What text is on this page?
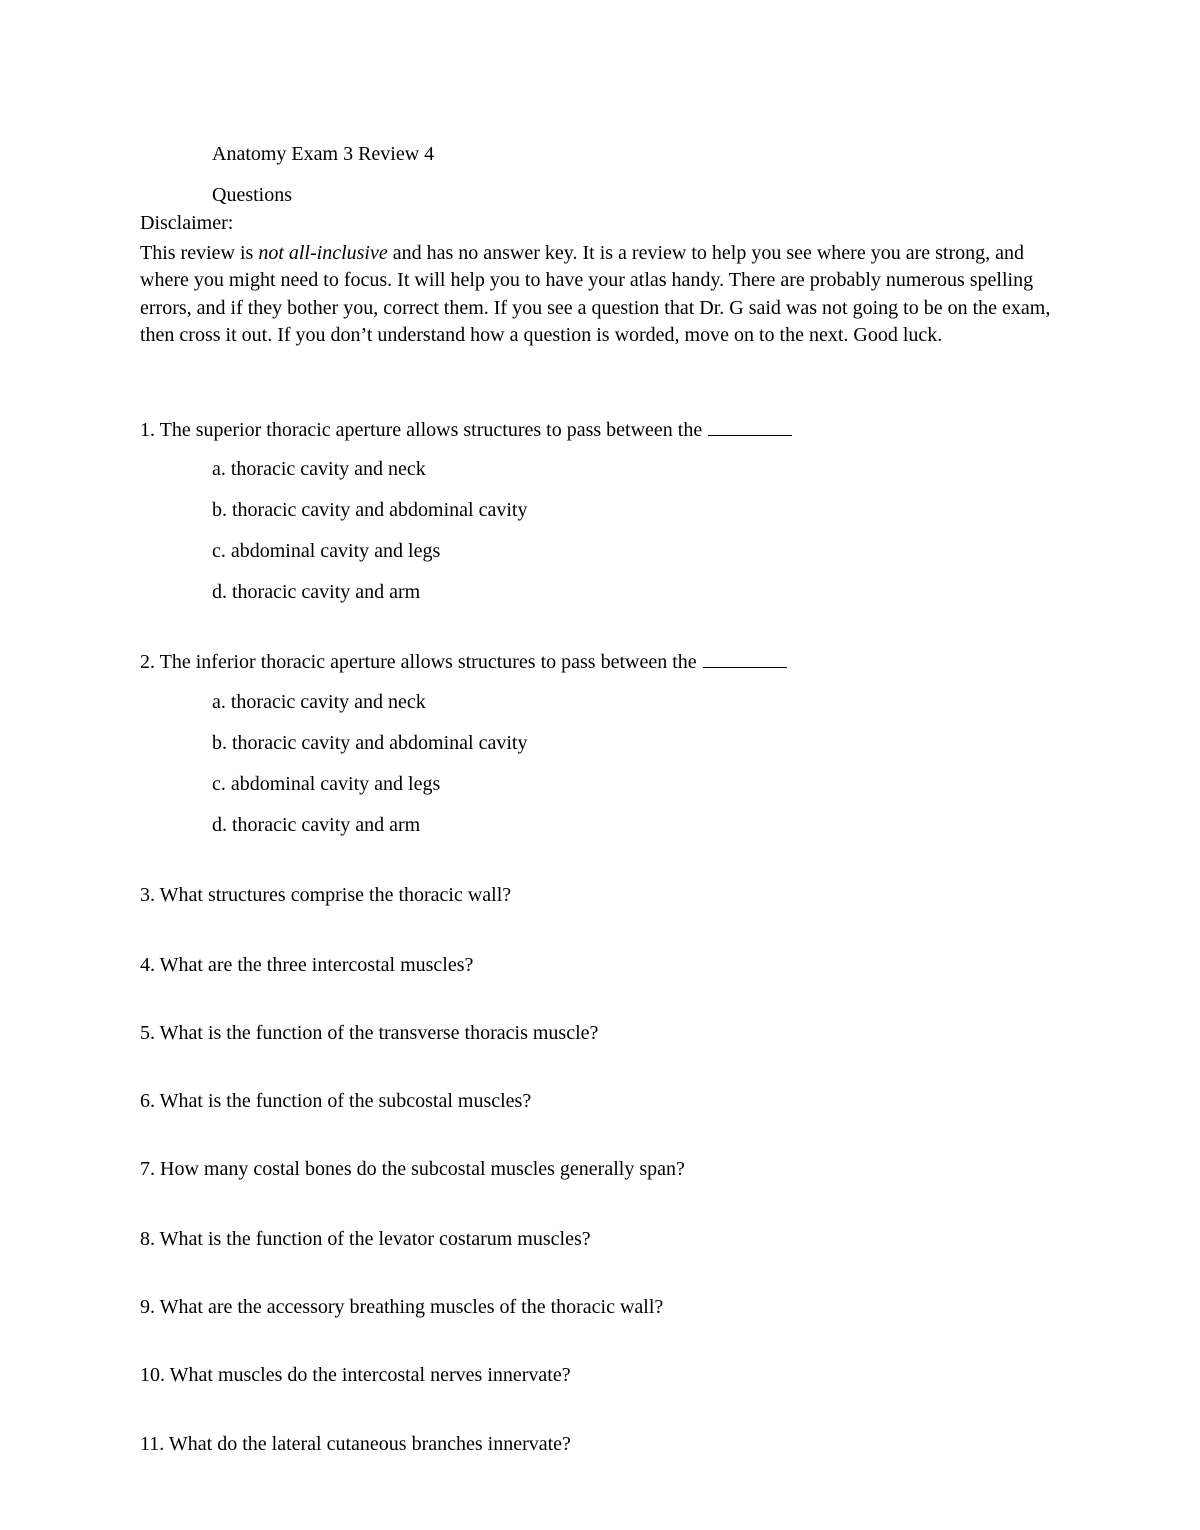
Anatomy Exam 3 Review 4
Questions
Disclaimer:
This review is not all-inclusive and has no answer key. It is a review to help you see where you are strong, and where you might need to focus. It will help you to have your atlas handy. There are probably numerous spelling errors, and if they bother you, correct them. If you see a question that Dr. G said was not going to be on the exam, then cross it out. If you don’t understand how a question is worded, move on to the next. Good luck.
1. The superior thoracic aperture allows structures to pass between the
a. thoracic cavity and neck
b. thoracic cavity and abdominal cavity
c. abdominal cavity and legs
d. thoracic cavity and arm
2. The inferior thoracic aperture allows structures to pass between the
a. thoracic cavity and neck
b. thoracic cavity and abdominal cavity
c. abdominal cavity and legs
d. thoracic cavity and arm
3. What structures comprise the thoracic wall?
4. What are the three intercostal muscles?
5. What is the function of the transverse thoracis muscle?
6. What is the function of the subcostal muscles?
7. How many costal bones do the subcostal muscles generally span?
8. What is the function of the levator costarum muscles?
9. What are the accessory breathing muscles of the thoracic wall?
10. What muscles do the intercostal nerves innervate?
11. What do the lateral cutaneous branches innervate?
